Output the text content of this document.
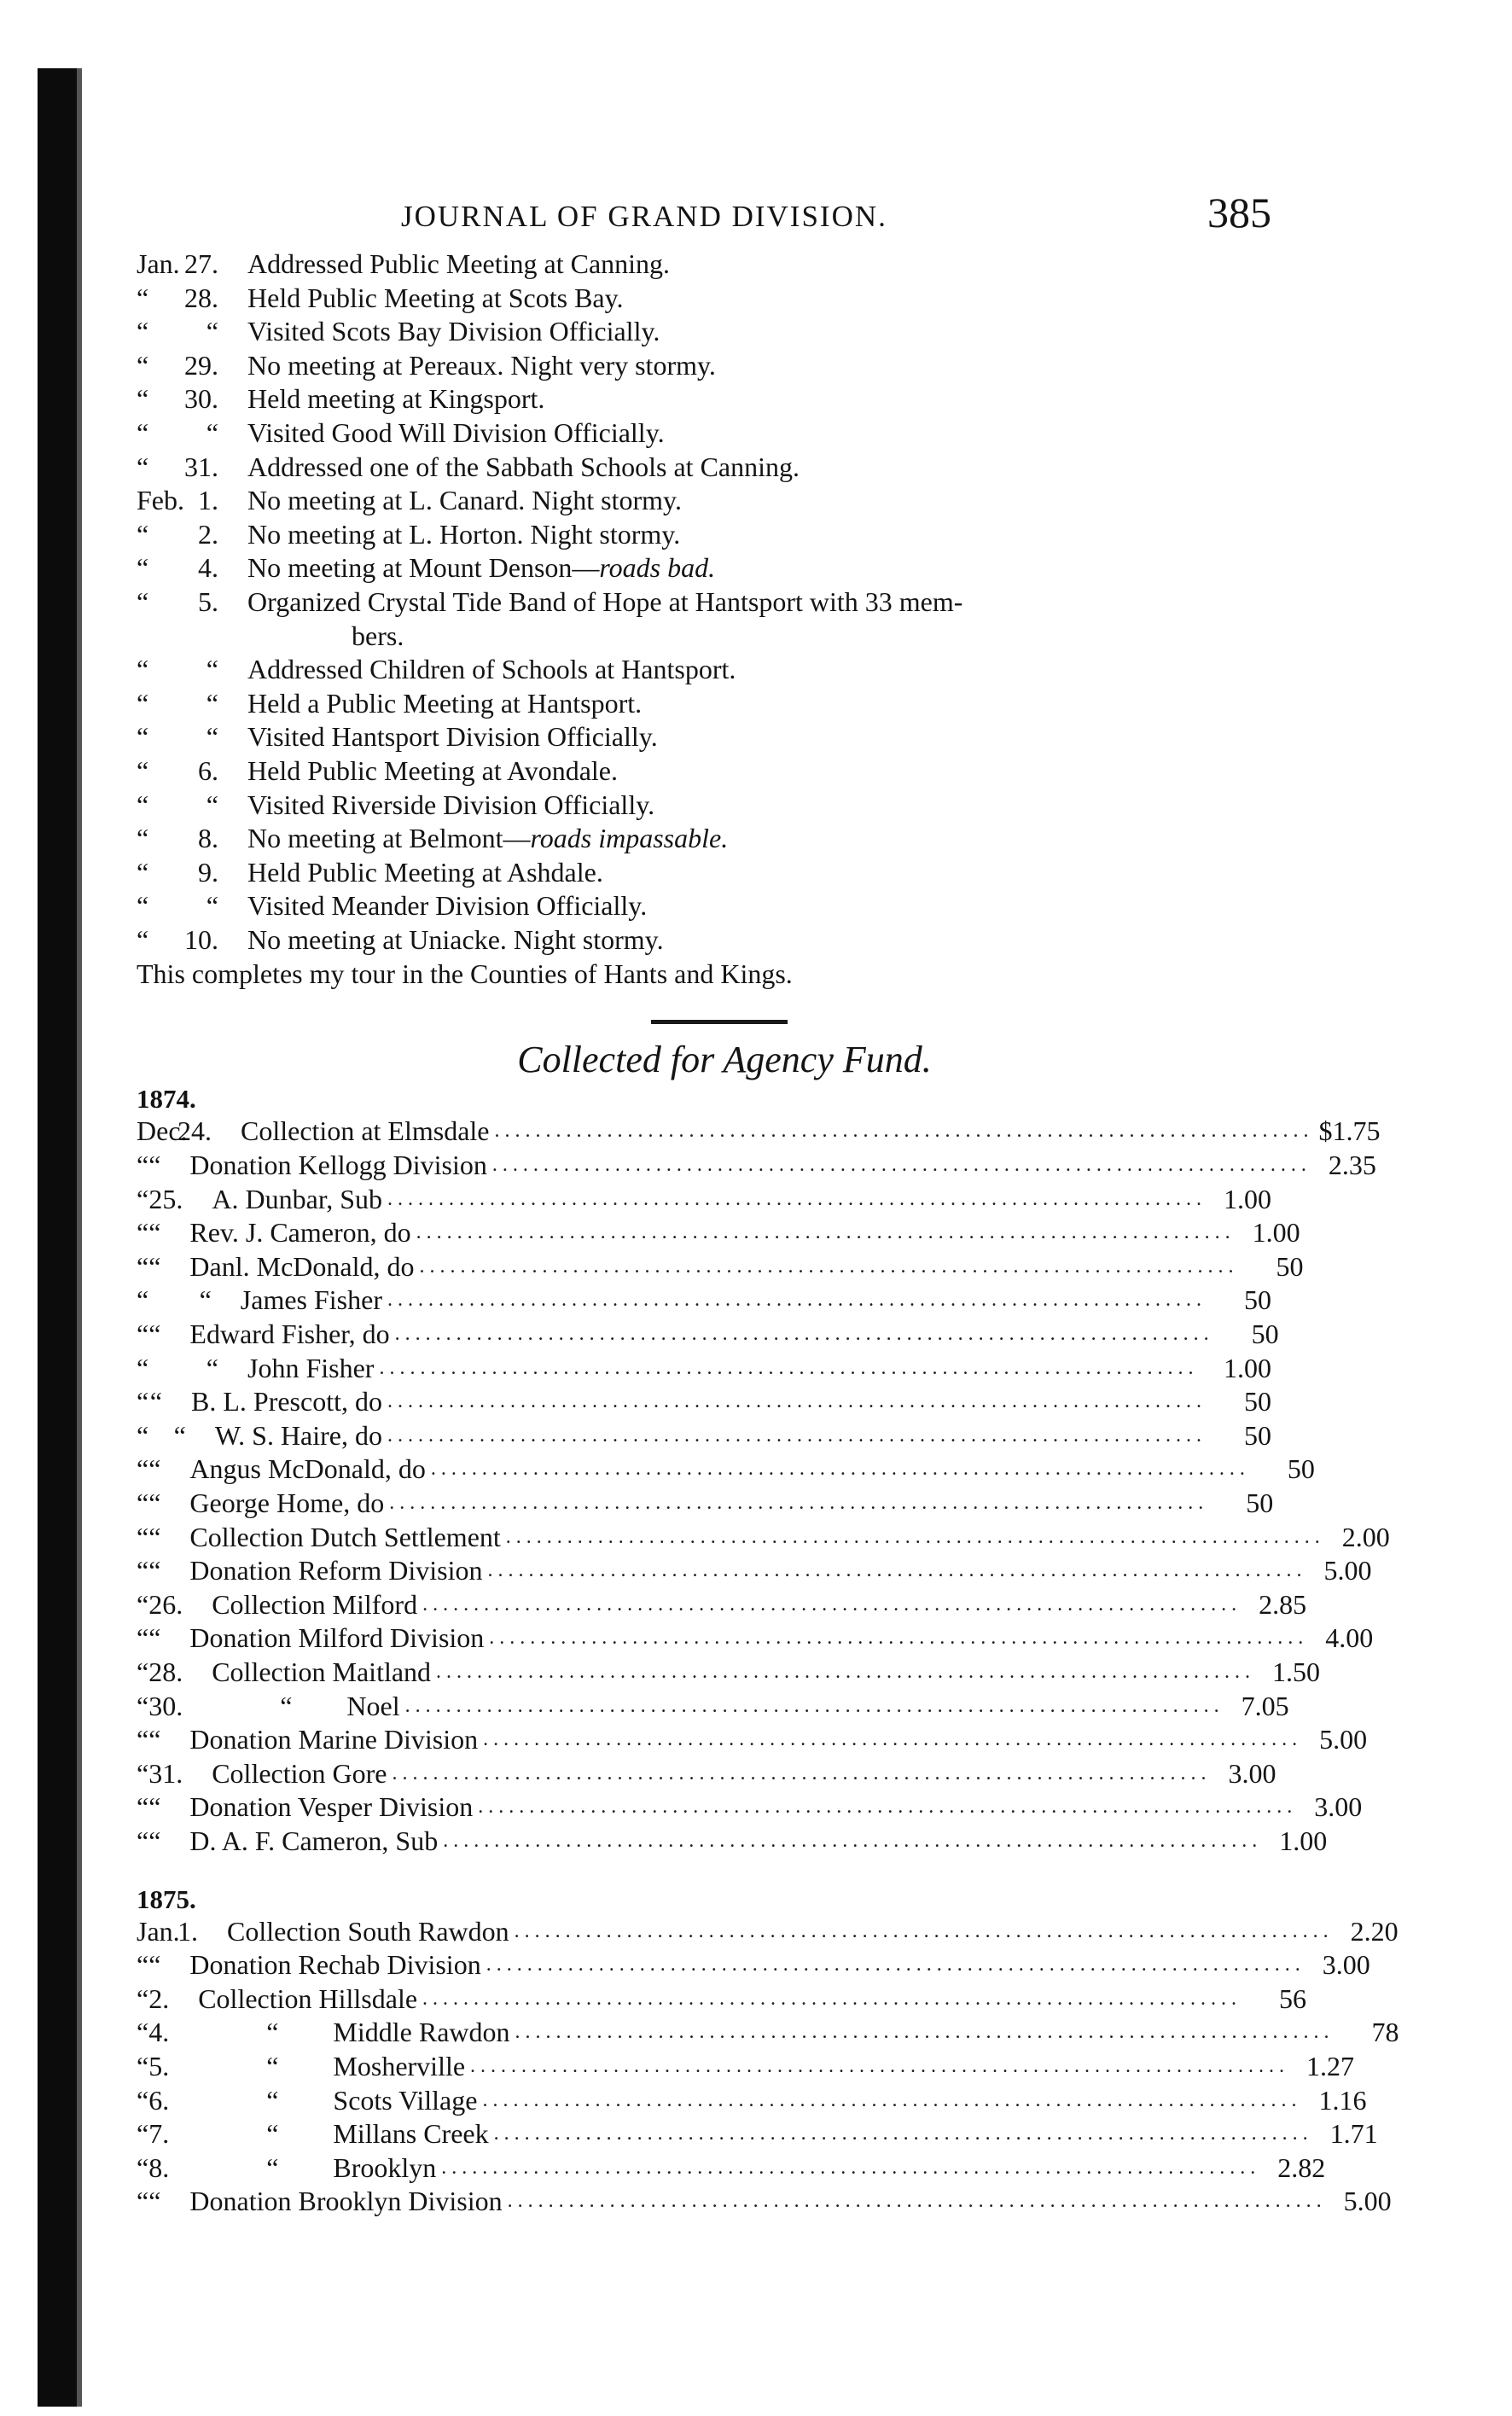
JOURNAL OF GRAND DIVISION.	385
Jan. 27. Addressed Public Meeting at Canning.
“	28. Held Public Meeting at Scots Bay.
“	“ Visited Scots Bay Division Officially.
“	29. No meeting at Pereaux. Night very stormy.
“	30. Held meeting at Kingsport.
“	“ Visited Good Will Division Officially.
“	31. Addressed one of the Sabbath Schools at Canning.
Feb. 1. No meeting at L. Canard. Night stormy.
“	2. No meeting at L. Horton. Night stormy.
“	4. No meeting at Mount Denson—roads bad.
“	5. Organized Crystal Tide Band of Hope at Hantsport with 33 mem-
bers.
“	“ Addressed Children of Schools at Hantsport.
“	“ Held a Public Meeting at Hantsport.
“	“ Visited Hantsport Division Officially.
“	6. Held Public Meeting at Avondale.
“	“ Visited Riverside Division Officially.
“	8. No meeting at Belmont—roads impassable.
“	9. Held Public Meeting at Ashdale.
“	“ Visited Meander Division Officially.
“	10. No meeting at Uniacke. Night stormy.
This completes my tour in the Counties of Hants and Kings.
Collected for Agency Fund.
1874.
Dec.
24. Collection at Elmsdale ................................................................................ $1.75
“ “ Donation Kellogg Division ................................................................................ 2.35
“ 25. A. Dunbar, Sub ................................................................................ 1.00
“ “ Rev. J. Cameron, do ................................................................................ 1.00
“ “ Danl. McDonald, do ................................................................................	50
“	“ James Fisher ................................................................................	50
“ “ Edward Fisher, do ................................................................................	50
“	“ John Fisher ................................................................................ 1.00
“ “ B. L. Prescott, do ................................................................................	50
“ “ W. S. Haire, do ................................................................................	50
“ “ Angus McDonald, do ................................................................................	50
“ “ George Home, do ................................................................................	50
“ “ Collection Dutch Settlement ................................................................................ 2.00
“ “ Donation Reform Division ................................................................................ 5.00
“ 26. Collection Milford ................................................................................ 2.85
“ “ Donation Milford Division ................................................................................ 4.00
“ 28. Collection Maitland ................................................................................ 1.50
“ 30. “        Noel ................................................................................ 7.05
“ “ Donation Marine Division ................................................................................ 5.00
“ 31. Collection Gore ................................................................................ 3.00
“ “ Donation Vesper Division ................................................................................ 3.00
“ “ D. A. F. Cameron, Sub ................................................................................ 1.00
1875.
Jan.
1. Collection South Rawdon ................................................................................ 2.20
“ “ Donation Rechab Division ................................................................................ 3.00
“ 2. Collection Hillsdale ................................................................................	56
“ 4. “        Middle Rawdon ................................................................................	78
“ 5. “        Mosherville ................................................................................ 1.27
“ 6. “        Scots Village ................................................................................ 1.16
“ 7. “        Millans Creek ................................................................................ 1.71
“ 8. “        Brooklyn ................................................................................ 2.82
“ “ Donation Brooklyn Division ................................................................................ 5.00
